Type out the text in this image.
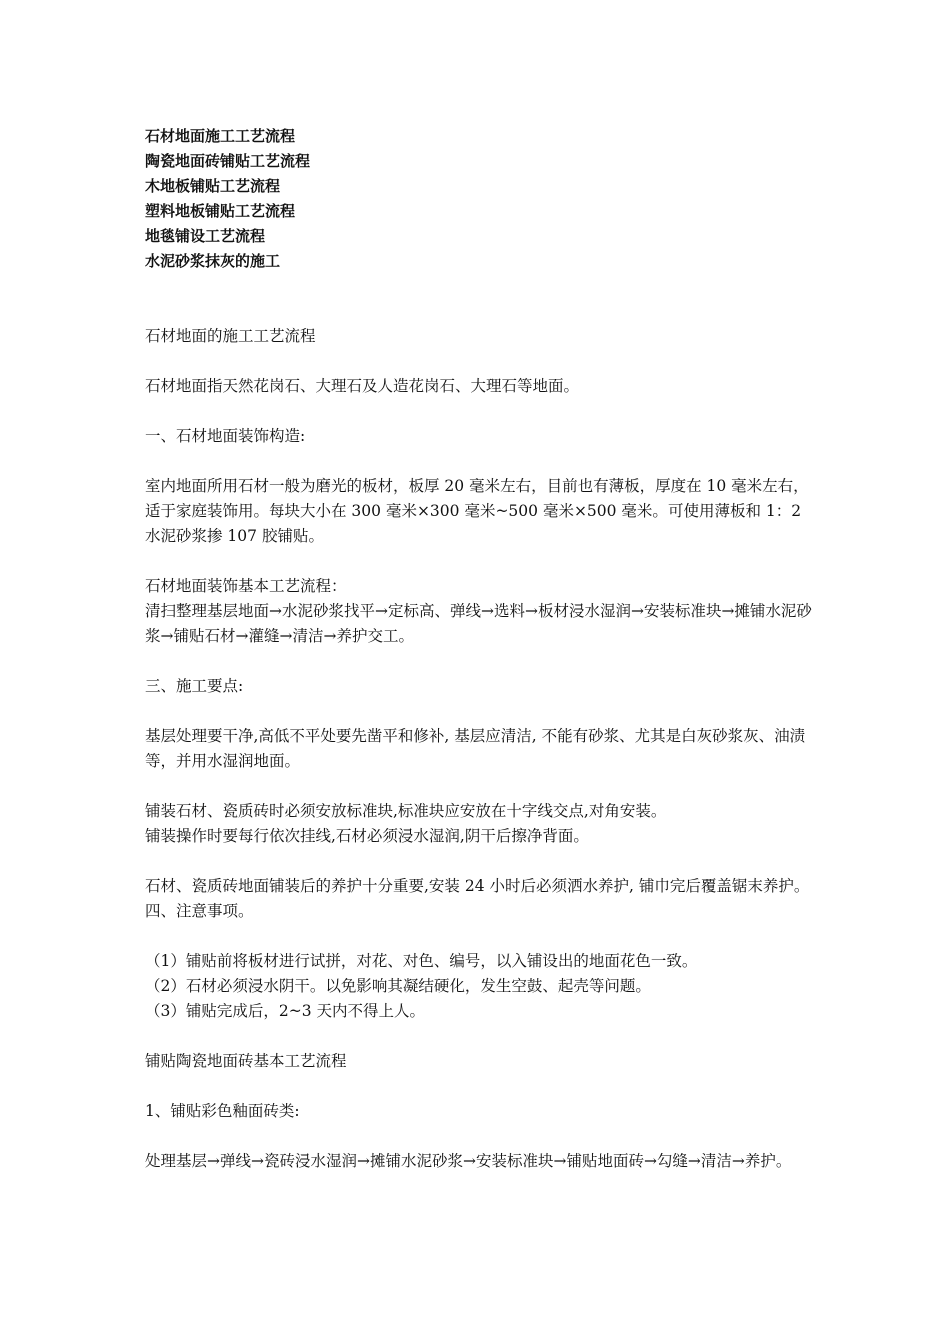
石材地面施工工艺流程

陶瓷地面砖铺贴工艺流程

木地板铺贴工艺流程

塑料地板铺贴工艺流程

地毯铺设工艺流程

水泥砂浆抹灰的施工

石材地面的施工工艺流程

石材地面指天然花岗石、大理石及人造花岗石、大理石等地面。

一、石材地面装饰构造:

室内地面所用石材一般为磨光的板材，板厚 20 毫米左右，目前也有薄板，厚度在 10 毫米左右，适于家庭装饰用。每块大小在 300 毫米×300 毫米~500 毫米×500 毫米。可使用薄板和 1：2 水泥砂浆掺 107 胶铺贴。

石材地面装饰基本工艺流程：

清扫整理基层地面→水泥砂浆找平→定标高、弹线→选料→板材浸水湿润→安装标准块→摊铺水泥砂浆→铺贴石材→灌缝→清洁→养护交工。

三、施工要点:

基层处理要干净,高低不平处要先凿平和修补, 基层应清洁, 不能有砂浆、尤其是白灰砂浆灰、油渍等，并用水湿润地面。

铺装石材、瓷质砖时必须安放标准块,标准块应安放在十字线交点,对角安装。

铺装操作时要每行依次挂线,石材必须浸水湿润,阴干后擦净背面。

石材、瓷质砖地面铺装后的养护十分重要,安装 24 小时后必须洒水养护, 铺巾完后覆盖锯末养护。

四、注意事项。

（1）铺贴前将板材进行试拼，对花、对色、编号，以入铺设出的地面花色一致。

（2）石材必须浸水阴干。以免影响其凝结硬化，发生空鼓、起壳等问题。

（3）铺贴完成后，2~3 天内不得上人。

铺贴陶瓷地面砖基本工艺流程

1、铺贴彩色釉面砖类:

处理基层→弹线→瓷砖浸水湿润→摊铺水泥砂浆→安装标准块→铺贴地面砖→勾缝→清洁→养护。
